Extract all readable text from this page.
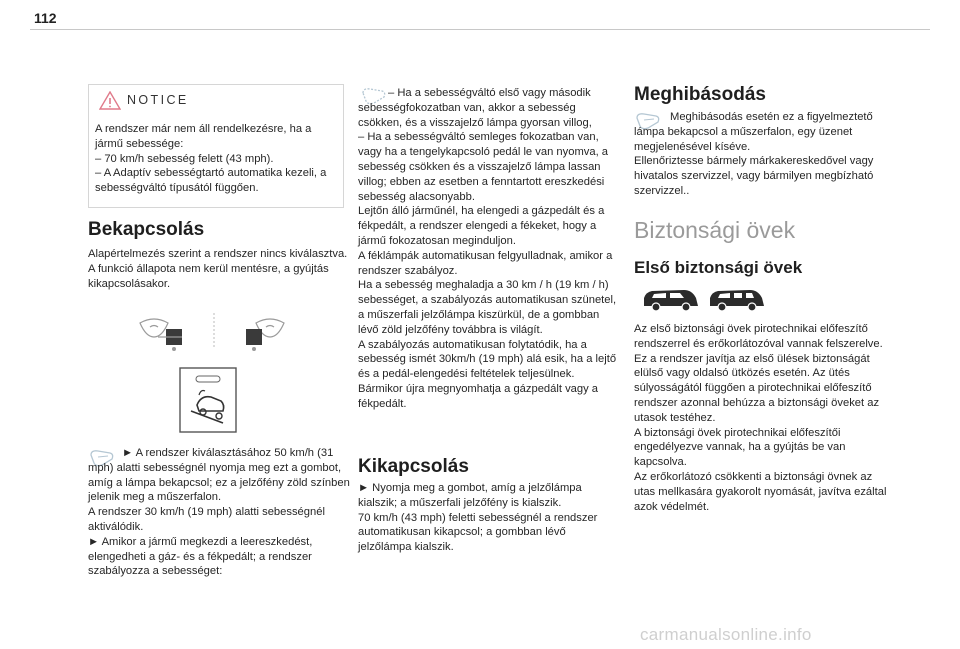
112
NOTICE
A rendszer már nem áll rendelkezésre, ha a jármű sebessége:
– 70 km/h sebesség felett (43 mph).
– A Adaptív sebességtartó automatika kezeli, a sebességváltó típusától függően.
Bekapcsolás

Alapértelmezés szerint a rendszer nincs kiválasztva.
A funkció állapota nem kerül mentésre, a gyújtás kikapcsolásakor.

► A rendszer kiválasztásához 50 km/h (31 mph) alatti sebességnél nyomja meg ezt a gombot, amíg a lámpa bekapcsol; ez a jelzőfény zöld színben jelenik meg a műszerfalon.

A rendszer 30 km/h (19 mph) alatti sebességnél aktiválódik.

► Amikor a jármű megkezdi a leereszkedést, elengedheti a gáz- és a fékpedált; a rendszer szabályozza a sebességet:

– Ha a sebességváltó első vagy második sebességfokozatban van, akkor a sebesség csökken, és a visszajelző lámpa gyorsan villog,

– Ha a sebességváltó semleges fokozatban van, vagy ha a tengelykapcsoló pedál le van nyomva, a sebesség csökken és a visszajelző lámpa lassan villog; ebben az esetben a fenntartott ereszkedési sebesség alacsonyabb.

Lejtőn álló járműnél, ha elengedi a gázpedált és a fékpedált, a rendszer elengedi a fékeket, hogy a jármű fokozatosan meginduljon.

A féklámpák automatikusan felgyulladnak, amikor a rendszer szabályoz.

Ha a sebesség meghaladja a 30 km / h (19 km / h) sebességet, a szabályozás automatikusan szünetel, a műszerfali jelzőlámpa kiszürkül, de a gombban lévő zöld jelzőfény továbbra is világít.

A szabályozás automatikusan folytatódik, ha a sebesség ismét 30km/h (19 mph) alá esik, ha a lejtő és a pedál-elengedési feltételek teljesülnek.

Bármikor újra megnyomhatja a gázpedált vagy a fékpedált.

Kikapcsolás

► Nyomja meg a gombot, amíg a jelzőlámpa kialszik; a műszerfali jelzőfény is kialszik.

70 km/h (43 mph) feletti sebességnél a rendszer automatikusan kikapcsol; a gombban lévő jelzőlámpa kialszik.

Meghibásodás

Meghibásodás esetén ez a figyelmeztető lámpa bekapcsol a műszerfalon, egy üzenet megjelenésével kíséve.

Ellenőriztesse bármely márkakereskedővel vagy hivatalos szervizzel, vagy bármilyen megbízható szervizzel..

Biztonsági övek
Első biztonsági övek

Az első biztonsági övek pirotechnikai előfeszítő rendszerrel és erőkorlátozóval vannak felszerelve.

Ez a rendszer javítja az első ülések biztonságát elülső vagy oldalsó ütközés esetén. Az ütés súlyosságától függően a pirotechnikai előfeszítő rendszer azonnal behúzza a biztonsági öveket az utasok testéhez.

A biztonsági övek pirotechnikai előfeszítői engedélyezve vannak, ha a gyújtás be van kapcsolva.

Az erőkorlátozó csökkenti a biztonsági övnek az utas mellkasára gyakorolt nyomását, javítva ezáltal azok védelmét.

carmanualsonline.info
